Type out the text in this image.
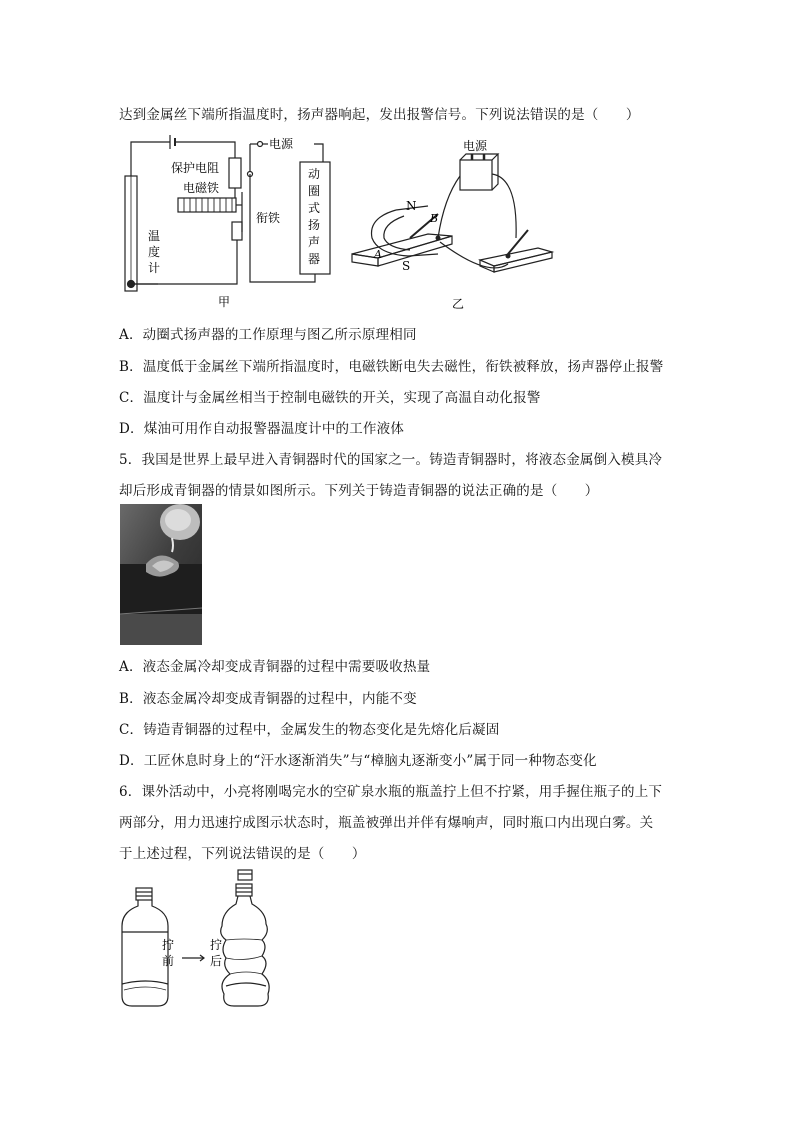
达到金属丝下端所指温度时，扬声器响起，发出报警信号。下列说法错误的是（　　）
保护电阻
电源
电磁铁
衔铁
温
度
计
动
圈
式
扬
声
器
甲
电源
N
S
A
B
乙
A．动圈式扬声器的工作原理与图乙所示原理相同
B．温度低于金属丝下端所指温度时，电磁铁断电失去磁性，衔铁被释放，扬声器停止报警
C．温度计与金属丝相当于控制电磁铁的开关，实现了高温自动化报警
D．煤油可用作自动报警器温度计中的工作液体
5．我国是世界上最早进入青铜器时代的国家之一。铸造青铜器时，将液态金属倒入模具冷
却后形成青铜器的情景如图所示。下列关于铸造青铜器的说法正确的是（　　）
A．液态金属冷却变成青铜器的过程中需要吸收热量
B．液态金属冷却变成青铜器的过程中，内能不变
C．铸造青铜器的过程中，金属发生的物态变化是先熔化后凝固
D．工匠休息时身上的“汗水逐渐消失”与“樟脑丸逐渐变小”属于同一种物态变化
6．课外活动中，小亮将刚喝完水的空矿泉水瓶的瓶盖拧上但不拧紧，用手握住瓶子的上下
两部分，用力迅速拧成图示状态时，瓶盖被弹出并伴有爆响声，同时瓶口内出现白雾。关
于上述过程，下列说法错误的是（　　）
拧
前
拧
后
